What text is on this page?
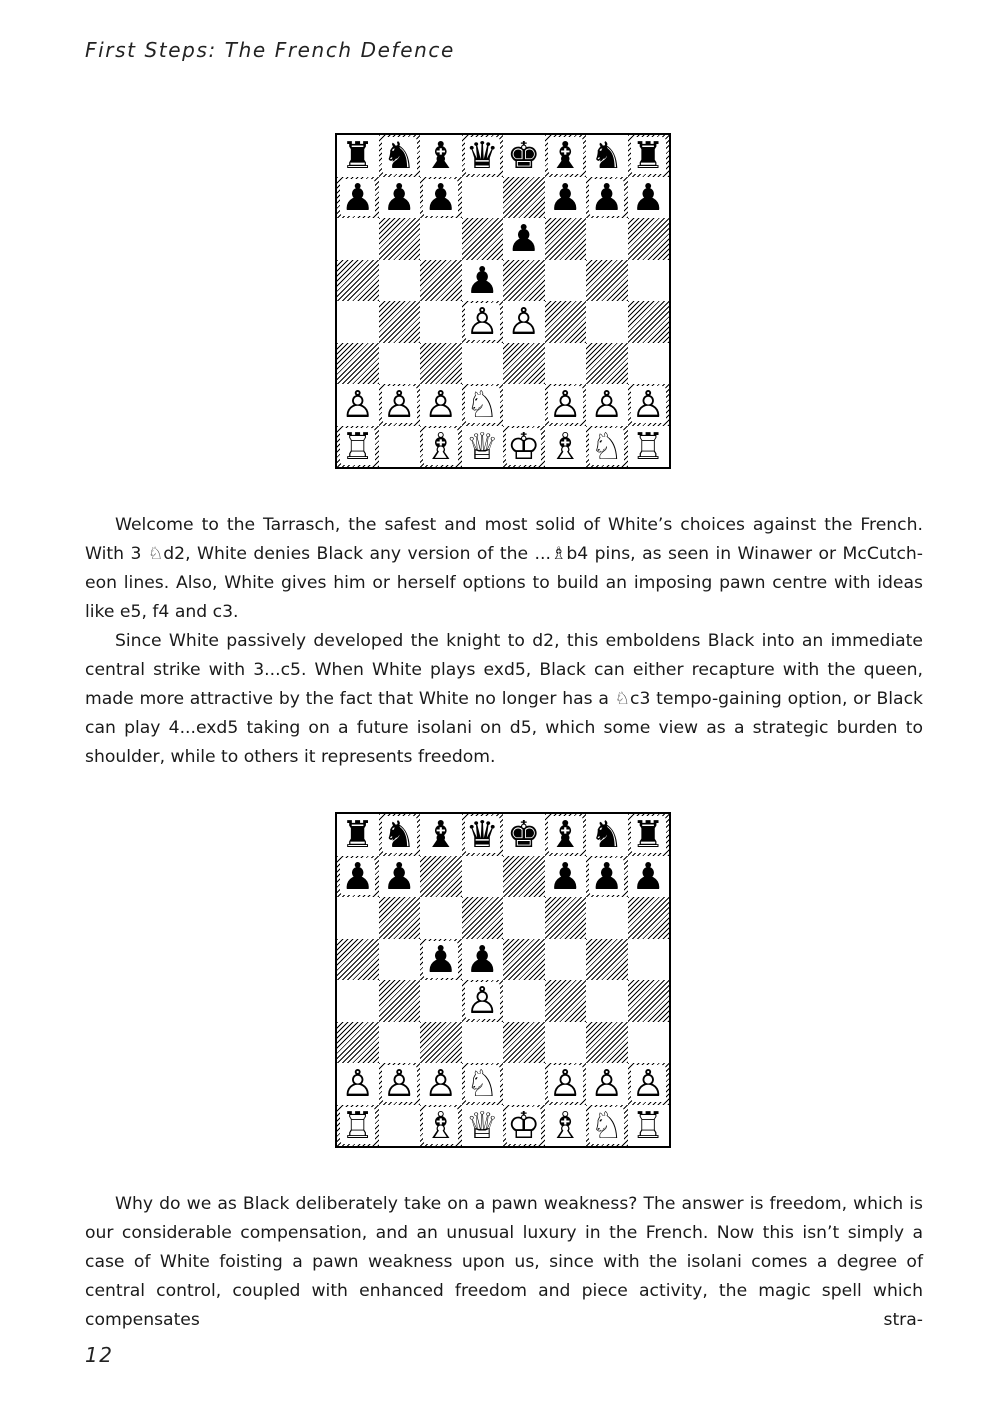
First Steps: The French Defence
♜ ♞ ♝ ♛ ♚ ♝ ♞ ♜
♟ ♟ ♟ ♟ ♟ ♟
♟
♟
♙ ♙
♙ ♙ ♙ ♘ ♙ ♙ ♙
♖ ♗ ♕ ♔ ♗ ♘ ♖

Welcome to the Tarrasch, the safest and most solid of White’s choices against the French. With 3 ♘d2, White denies Black any version of the ...♗b4 pins, as seen in Winawer or McCutcheon lines. Also, White gives him or herself options to build an imposing pawn centre with ideas like e5, f4 and c3.

Since White passively developed the knight to d2, this emboldens Black into an immediate central strike with 3...c5. When White plays exd5, Black can either recapture with the queen, made more attractive by the fact that White no longer has a ♘c3 tempo-gaining option, or Black can play 4...exd5 taking on a future isolani on d5, which some view as a strategic burden to shoulder, while to others it represents freedom.

♜ ♞ ♝ ♛ ♚ ♝ ♞ ♜
♟ ♟	♟ ♟ ♟
♟ ♟
♙
♙ ♙ ♙ ♘ ♙ ♙ ♙
♖ ♗ ♕ ♔ ♗ ♘ ♖

Why do we as Black deliberately take on a pawn weakness? The answer is freedom, which is our considerable compensation, and an unusual luxury in the French. Now this isn’t simply a case of White foisting a pawn weakness upon us, since with the isolani comes a degree of central control, coupled with enhanced freedom and piece activity, the magic spell which compensates stra-

12
